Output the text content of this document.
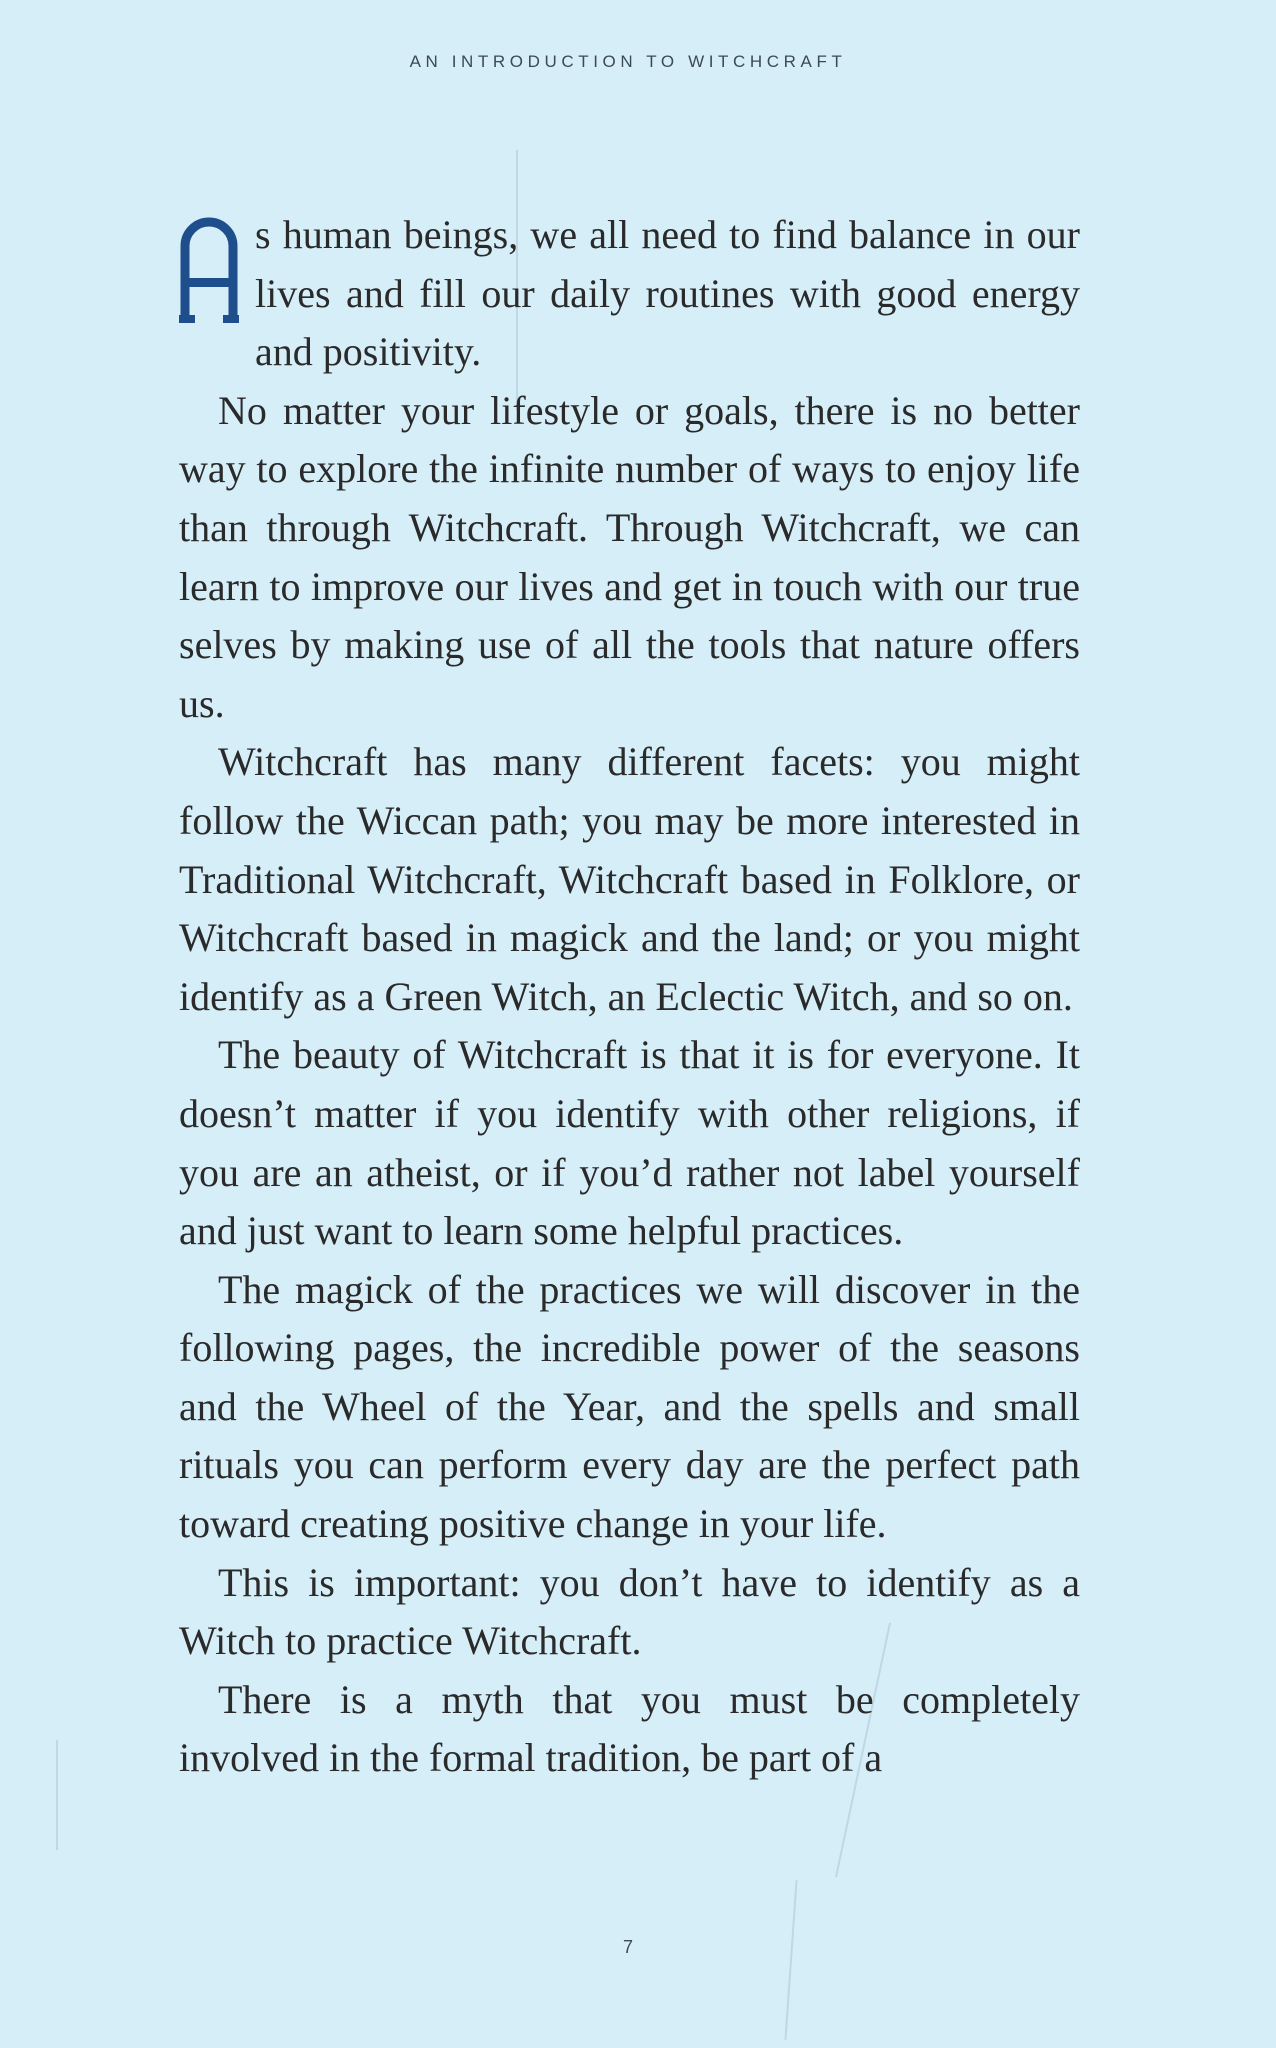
AN INTRODUCTION TO WITCHCRAFT

s human beings, we all need to find balance in our lives and fill our daily routines with good energy and positivity.

No matter your lifestyle or goals, there is no better way to explore the infinite number of ways to enjoy life than through Witchcraft. Through Witchcraft, we can learn to improve our lives and get in touch with our true selves by making use of all the tools that nature offers us.

Witchcraft has many different facets: you might follow the Wiccan path; you may be more interested in Traditional Witchcraft, Witchcraft based in Folklore, or Witchcraft based in magick and the land; or you might identify as a Green Witch, an Eclectic Witch, and so on.

The beauty of Witchcraft is that it is for everyone. It doesn’t matter if you identify with other religions, if you are an atheist, or if you’d rather not label yourself and just want to learn some helpful practices.

The magick of the practices we will discover in the following pages, the incredible power of the seasons and the Wheel of the Year, and the spells and small rituals you can perform every day are the perfect path toward creating positive change in your life.

This is important: you don’t have to identify as a Witch to practice Witchcraft.

There is a myth that you must be completely involved in the formal tradition, be part of a

7
